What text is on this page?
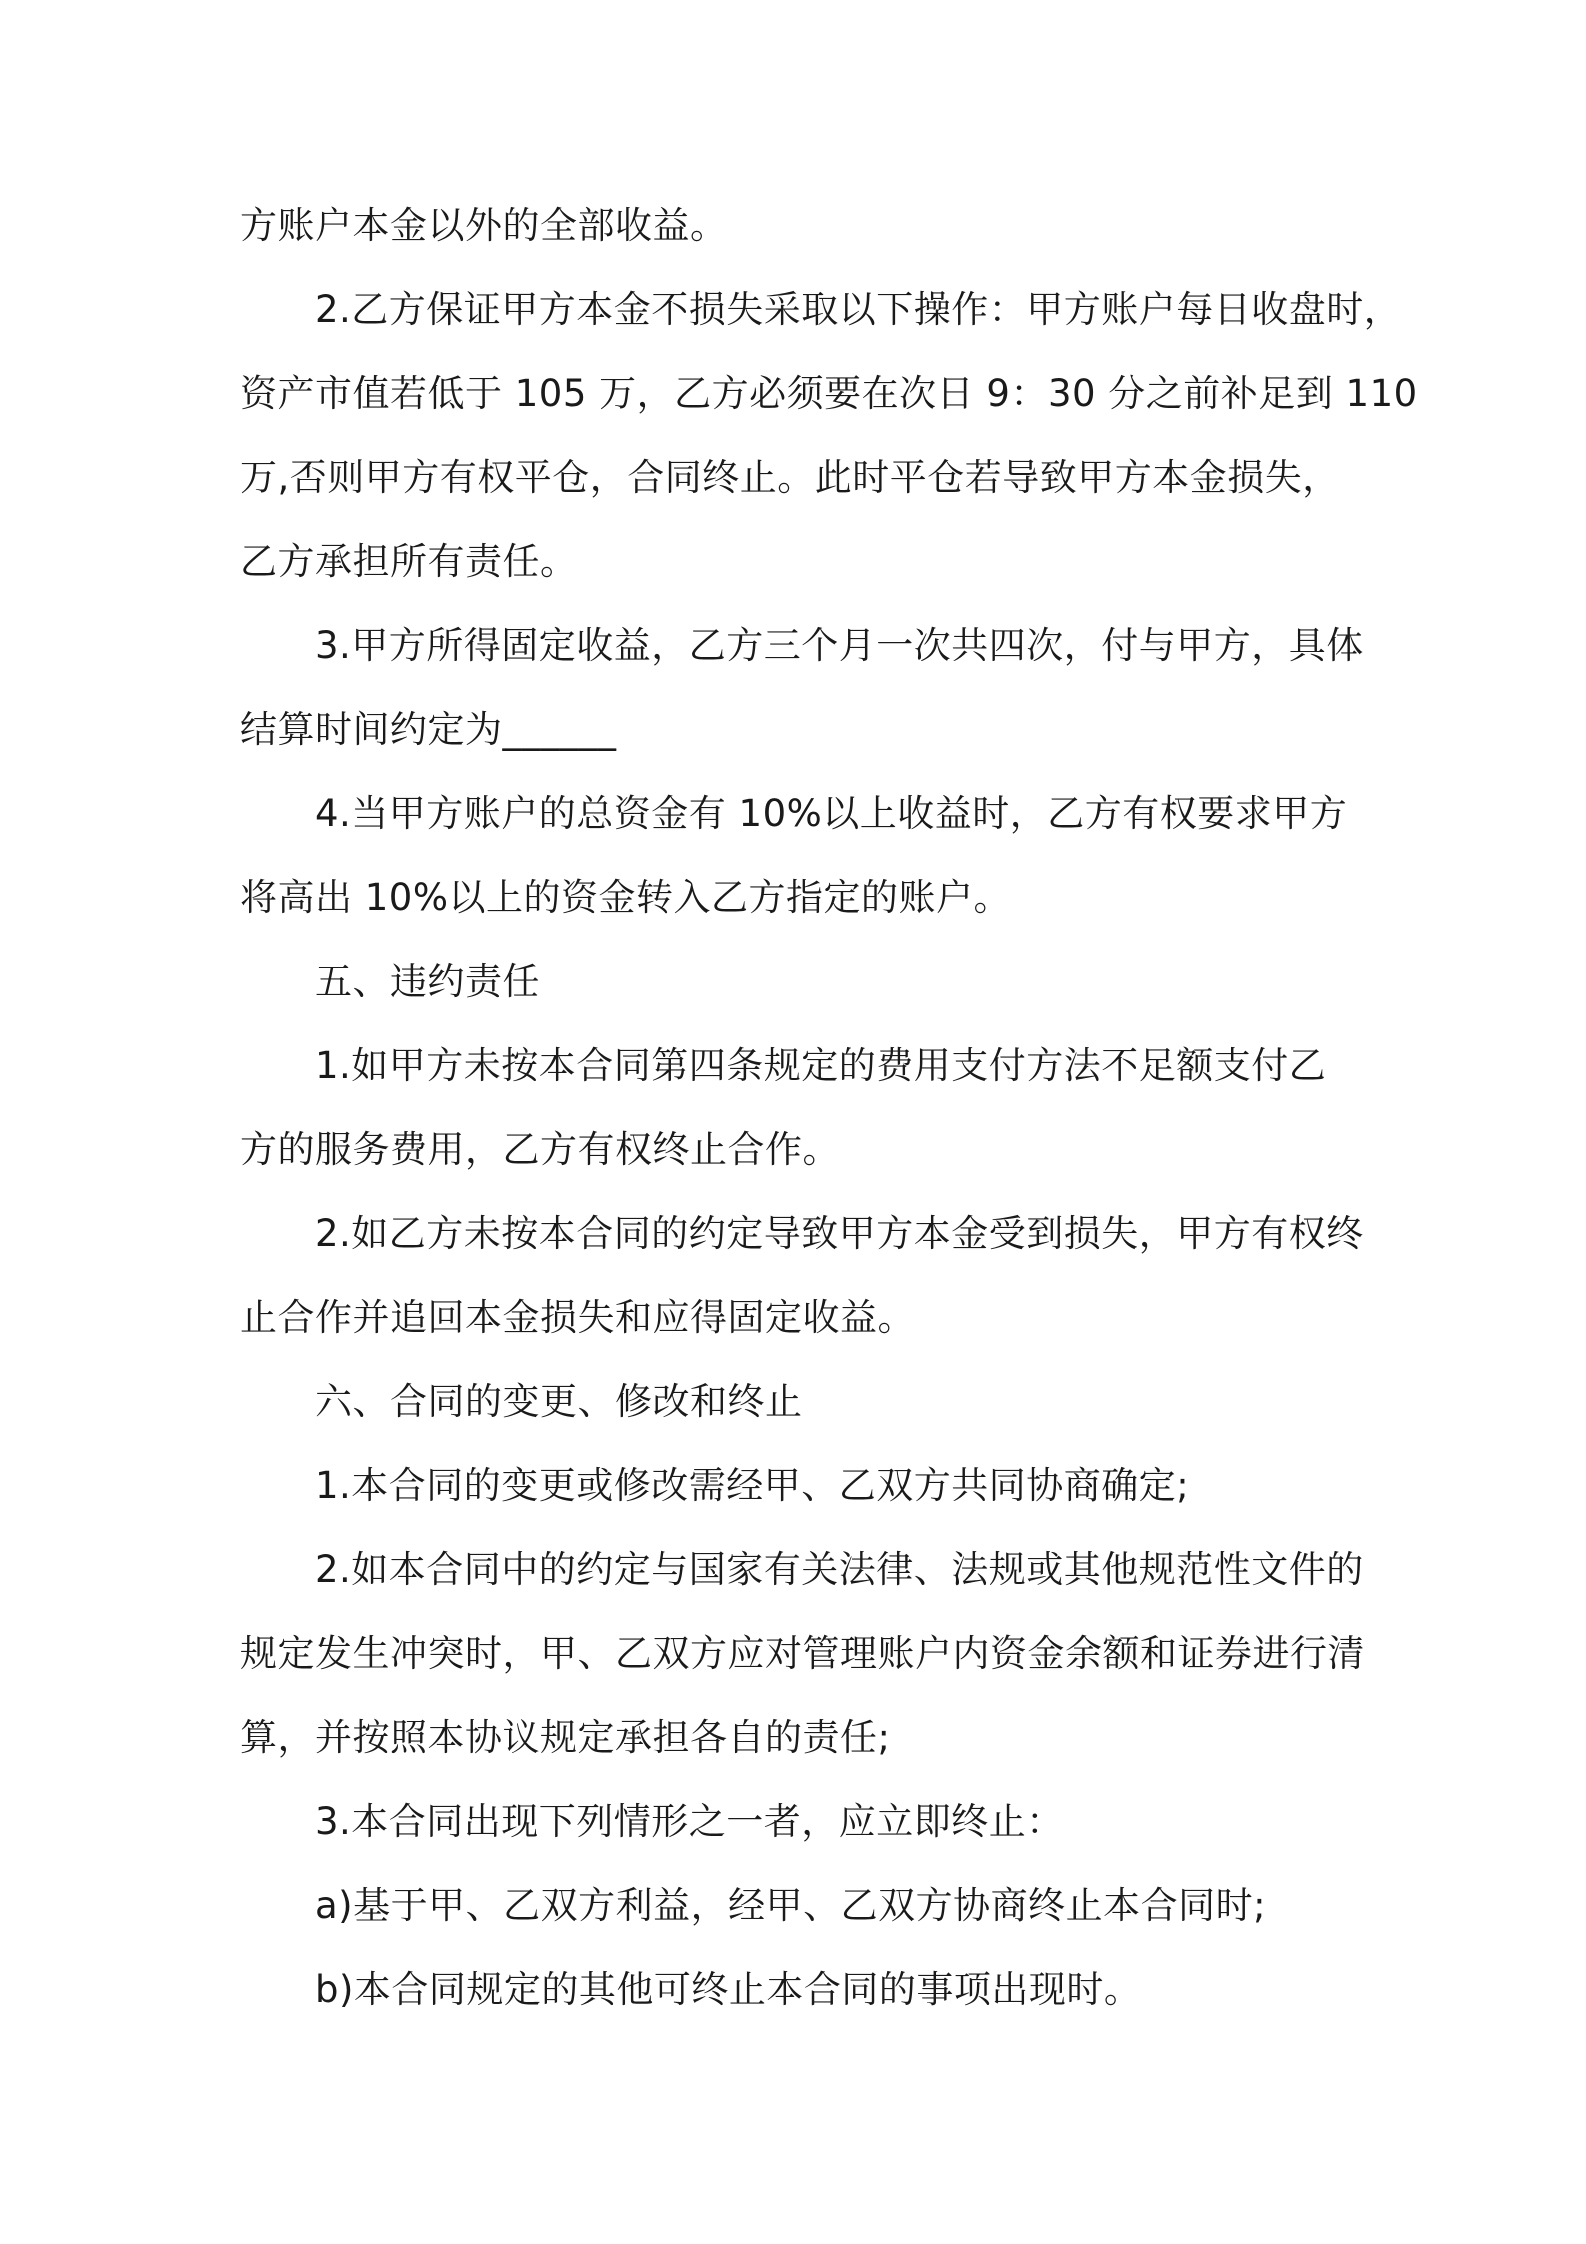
方账户本金以外的全部收益。

2.乙方保证甲方本金不损失采取以下操作：甲方账户每日收盘时，

资产市值若低于 105 万，乙方必须要在次日 9：30 分之前补足到 110

万,否则甲方有权平仓，合同终止。此时平仓若导致甲方本金损失，

乙方承担所有责任。

3.甲方所得固定收益，乙方三个月一次共四次，付与甲方，具体

结算时间约定为______

4.当甲方账户的总资金有 10%以上收益时，乙方有权要求甲方

将高出 10%以上的资金转入乙方指定的账户。

五、违约责任

1.如甲方未按本合同第四条规定的费用支付方法不足额支付乙

方的服务费用，乙方有权终止合作。

2.如乙方未按本合同的约定导致甲方本金受到损失，甲方有权终

止合作并追回本金损失和应得固定收益。

六、合同的变更、修改和终止

1.本合同的变更或修改需经甲、乙双方共同协商确定;

2.如本合同中的约定与国家有关法律、法规或其他规范性文件的

规定发生冲突时，甲、乙双方应对管理账户内资金余额和证券进行清

算，并按照本协议规定承担各自的责任;

3.本合同出现下列情形之一者，应立即终止：

a)基于甲、乙双方利益，经甲、乙双方协商终止本合同时;

b)本合同规定的其他可终止本合同的事项出现时。
